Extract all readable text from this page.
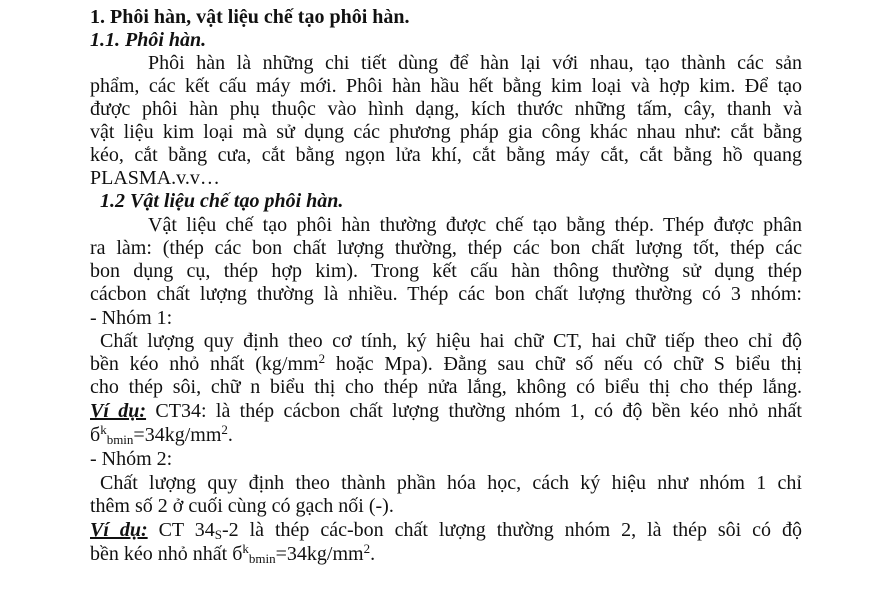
1. Phôi hàn, vật liệu chế tạo phôi hàn.
1.1. Phôi hàn.
Phôi hàn là những chi tiết dùng để hàn lại với nhau, tạo thành các sản
phẩm, các kết cấu máy mới. Phôi hàn hầu hết bằng kim loại và hợp kim. Để tạo
được phôi hàn phụ thuộc vào hình dạng, kích thước những tấm, cây, thanh và
vật liệu kim loại mà sử dụng các phương pháp gia công khác nhau như: cắt bằng
kéo, cắt bằng cưa, cắt bằng ngọn lửa khí, cắt bằng máy cắt, cắt bằng hồ quang
PLASMA.v.v…
1.2 Vật liệu chế tạo phôi hàn.
Vật liệu chế tạo phôi hàn thường được chế tạo bằng thép. Thép được phân
ra làm: (thép các bon chất lượng thường, thép các bon chất lượng tốt, thép các
bon dụng cụ, thép hợp kim). Trong kết cấu hàn thông thường sử dụng thép
cácbon chất lượng thường là nhiều. Thép các bon chất lượng thường có 3 nhóm:
- Nhóm 1:
Chất lượng quy định theo cơ tính, ký hiệu hai chữ CT, hai chữ tiếp theo chỉ độ
bền kéo nhỏ nhất ($kg/mm^2$ hoặc Mpa). Đằng sau chữ số nếu có chữ S biểu thị
cho thép sôi, chữ n biểu thị cho thép nửa lắng, không có biểu thị cho thép lắng.
Ví dụ: CT34: là thép cácbon chất lượng thường nhóm 1, có độ bền kéo nhỏ nhất
$б^k_{bmin}=34kg/mm^2$.
- Nhóm 2:
Chất lượng quy định theo thành phần hóa học, cách ký hiệu như nhóm 1 chỉ
thêm số 2 ở cuối cùng có gạch nối (-).
Ví dụ: CT $34_S-2$ là thép các-bon chất lượng thường nhóm 2, là thép sôi có độ
bền kéo nhỏ nhất $б^k_{bmin}=34kg/mm^2$.
